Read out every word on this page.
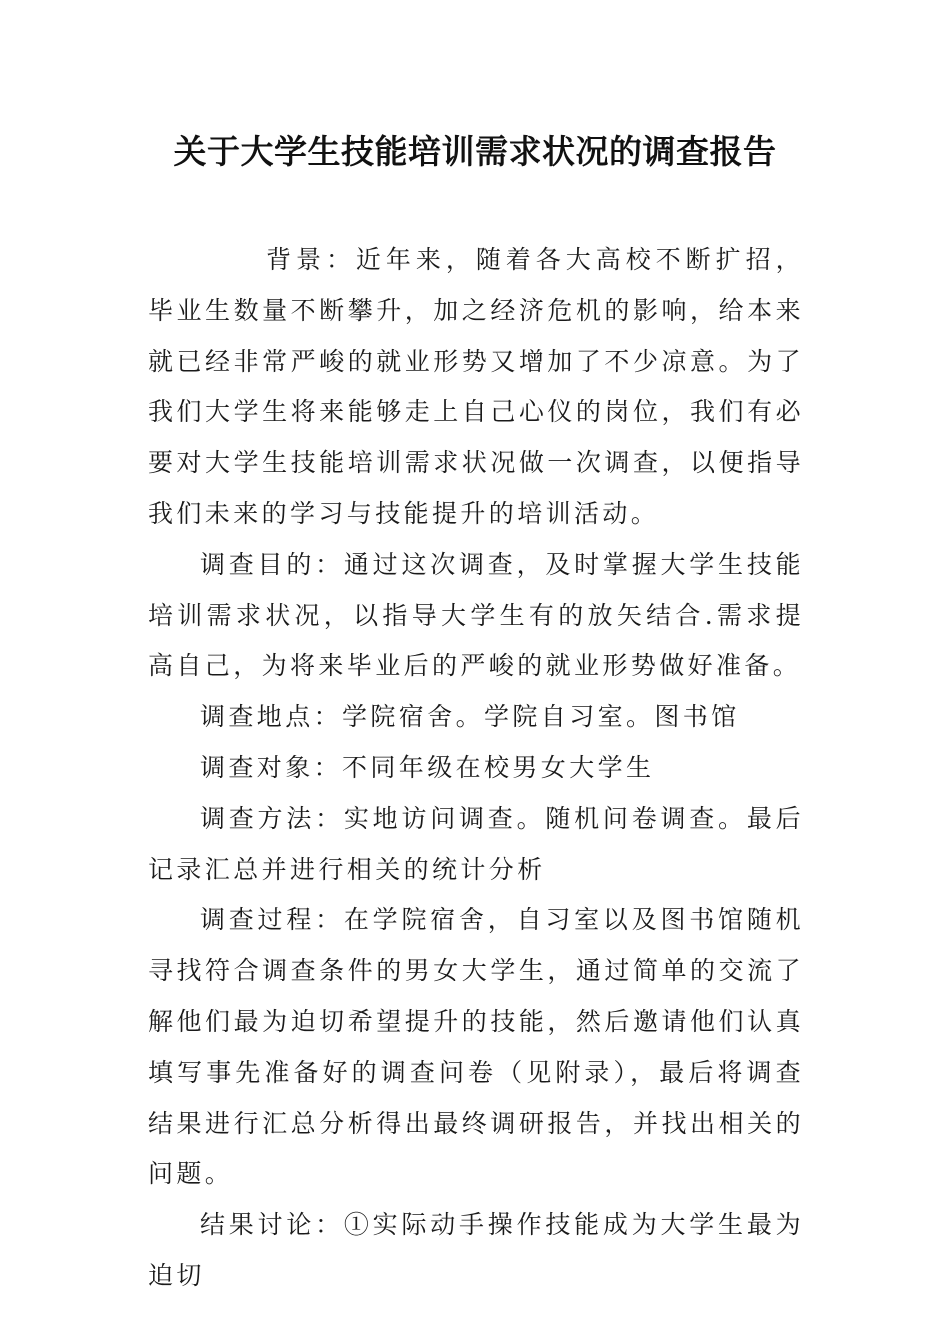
关于大学生技能培训需求状况的调查报告

背景：近年来，随着各大高校不断扩招，毕业生数量不断攀升，加之经济危机的影响，给本来就已经非常严峻的就业形势又增加了不少凉意。为了我们大学生将来能够走上自己心仪的岗位，我们有必要对大学生技能培训需求状况做一次调查，以便指导我们未来的学习与技能提升的培训活动。

调查目的：通过这次调查，及时掌握大学生技能培训需求状况，以指导大学生有的放矢结合.需求提高自己，为将来毕业后的严峻的就业形势做好准备。

调查地点：学院宿舍。学院自习室。图书馆

调查对象：不同年级在校男女大学生

调查方法：实地访问调查。随机问卷调查。最后记录汇总并进行相关的统计分析

调查过程：在学院宿舍，自习室以及图书馆随机寻找符合调查条件的男女大学生，通过简单的交流了解他们最为迫切希望提升的技能，然后邀请他们认真填写事先准备好的调查问卷（见附录），最后将调查结果进行汇总分析得出最终调研报告，并找出相关的问题。

结果讨论：①实际动手操作技能成为大学生最为迫切
